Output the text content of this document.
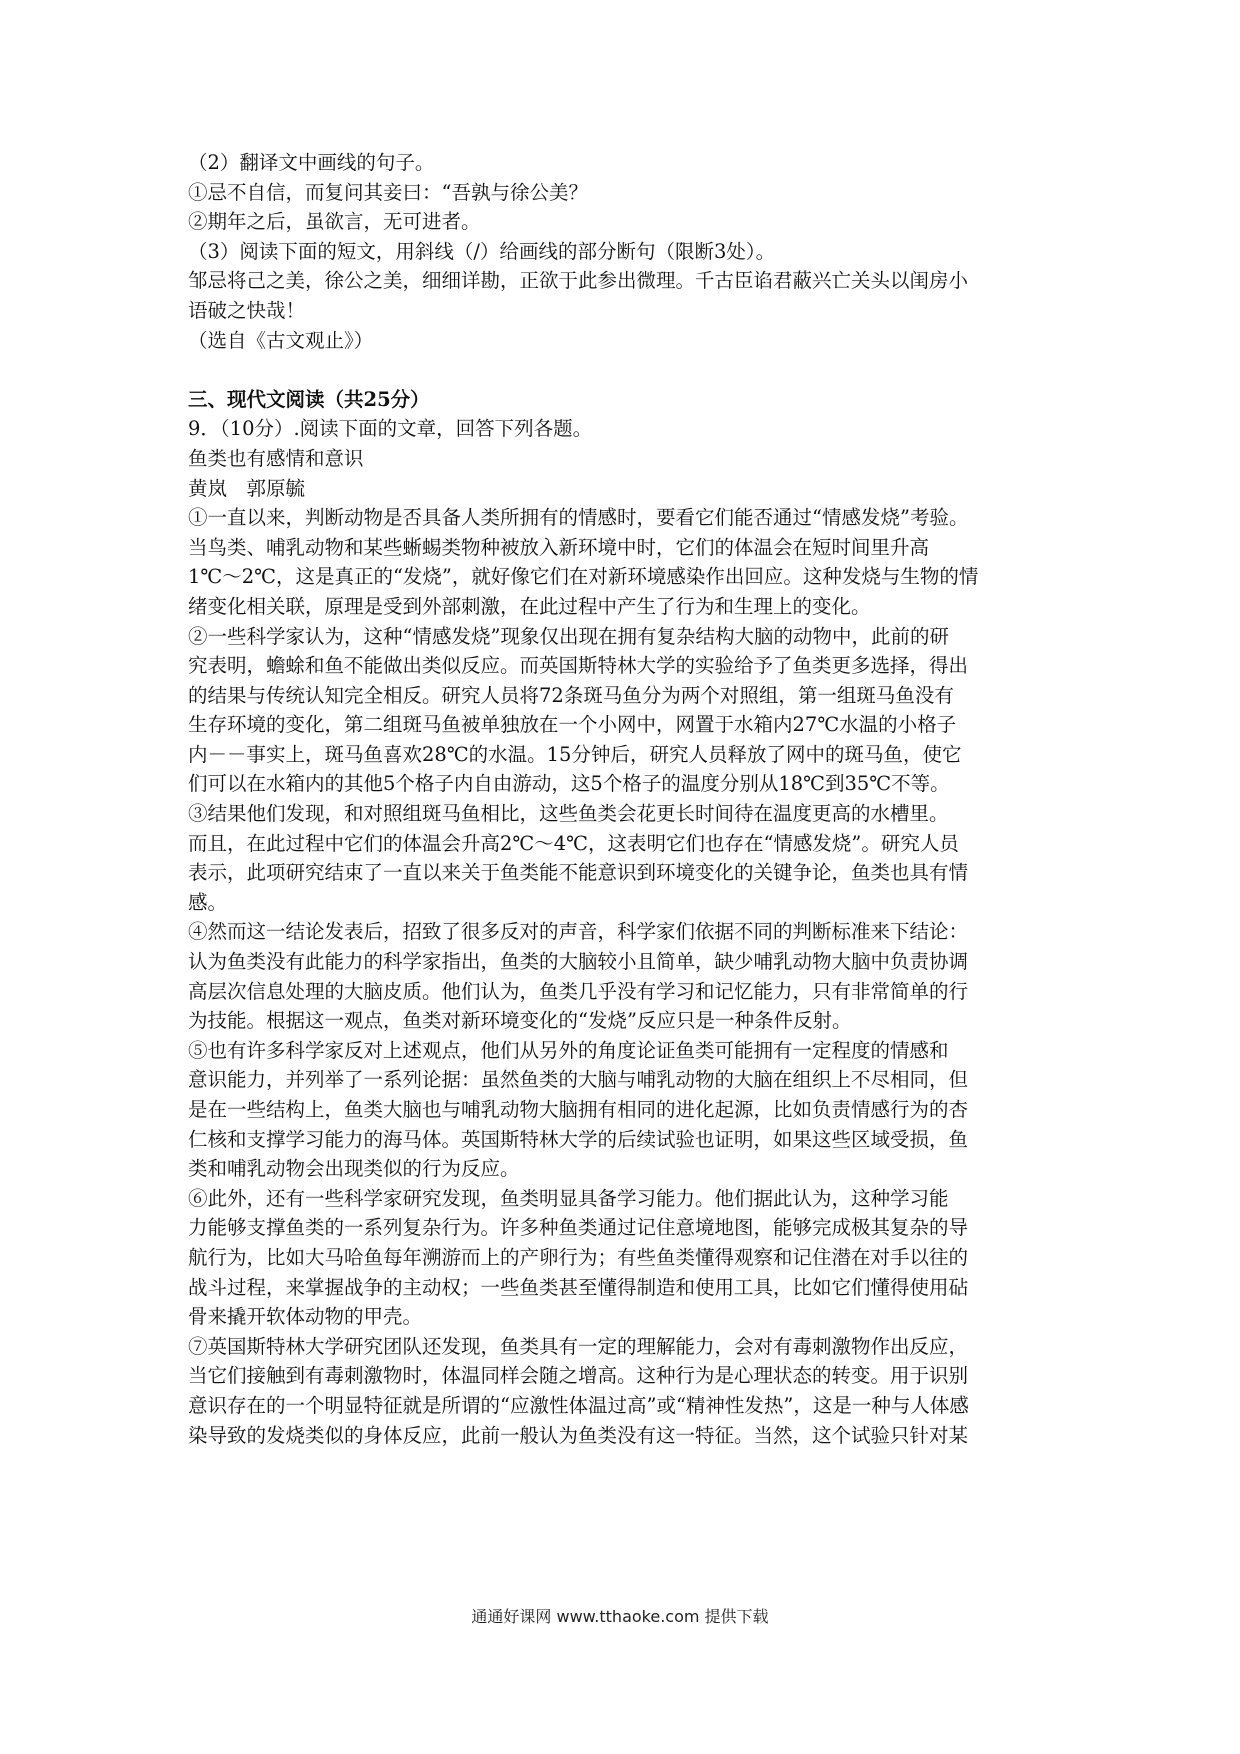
（2）翻译文中画线的句子。
①忌不自信，而复问其妾曰：“吾孰与徐公美？
②期年之后，虽欲言，无可进者。
（3）阅读下面的短文，用斜线（/）给画线的部分断句（限断3处）。
邹忌将己之美，徐公之美，细细详勘，正欲于此参出微理。千古臣谄君蔽兴亡关头以闺房小
语破之快哉！
（选自《古文观止》）
三、现代文阅读（共25分）
9．（10分）.阅读下面的文章，回答下列各题。
鱼类也有感情和意识
黄岚　郭原毓
①一直以来，判断动物是否具备人类所拥有的情感时，要看它们能否通过“情感发烧”考验。
当鸟类、哺乳动物和某些蜥蜴类物种被放入新环境中时，它们的体温会在短时间里升高
1℃～2℃，这是真正的“发烧”，就好像它们在对新环境感染作出回应。这种发烧与生物的情
绪变化相关联，原理是受到外部刺激，在此过程中产生了行为和生理上的变化。
②一些科学家认为，这种“情感发烧”现象仅出现在拥有复杂结构大脑的动物中，此前的研
究表明，蟾蜍和鱼不能做出类似反应。而英国斯特林大学的实验给予了鱼类更多选择，得出
的结果与传统认知完全相反。研究人员将72条斑马鱼分为两个对照组，第一组斑马鱼没有
生存环境的变化，第二组斑马鱼被单独放在一个小网中，网置于水箱内27℃水温的小格子
内－－事实上，斑马鱼喜欢28℃的水温。15分钟后，研究人员释放了网中的斑马鱼，使它
们可以在水箱内的其他5个格子内自由游动，这5个格子的温度分别从18℃到35℃不等。
③结果他们发现，和对照组斑马鱼相比，这些鱼类会花更长时间待在温度更高的水槽里。
而且，在此过程中它们的体温会升高2℃～4℃，这表明它们也存在“情感发烧”。研究人员
表示，此项研究结束了一直以来关于鱼类能不能意识到环境变化的关键争论，鱼类也具有情
感。
④然而这一结论发表后，招致了很多反对的声音，科学家们依据不同的判断标准来下结论：
认为鱼类没有此能力的科学家指出，鱼类的大脑较小且简单，缺少哺乳动物大脑中负责协调
高层次信息处理的大脑皮质。他们认为，鱼类几乎没有学习和记忆能力，只有非常简单的行
为技能。根据这一观点，鱼类对新环境变化的“发烧”反应只是一种条件反射。
⑤也有许多科学家反对上述观点，他们从另外的角度论证鱼类可能拥有一定程度的情感和
意识能力，并列举了一系列论据：虽然鱼类的大脑与哺乳动物的大脑在组织上不尽相同，但
是在一些结构上，鱼类大脑也与哺乳动物大脑拥有相同的进化起源，比如负责情感行为的杏
仁核和支撑学习能力的海马体。英国斯特林大学的后续试验也证明，如果这些区域受损，鱼
类和哺乳动物会出现类似的行为反应。
⑥此外，还有一些科学家研究发现，鱼类明显具备学习能力。他们据此认为，这种学习能
力能够支撑鱼类的一系列复杂行为。许多种鱼类通过记住意境地图，能够完成极其复杂的导
航行为，比如大马哈鱼每年溯游而上的产卵行为；有些鱼类懂得观察和记住潜在对手以往的
战斗过程，来掌握战争的主动权；一些鱼类甚至懂得制造和使用工具，比如它们懂得使用砧
骨来撬开软体动物的甲壳。
⑦英国斯特林大学研究团队还发现，鱼类具有一定的理解能力，会对有毒刺激物作出反应，
当它们接触到有毒刺激物时，体温同样会随之增高。这种行为是心理状态的转变。用于识别
意识存在的一个明显特征就是所谓的“应激性体温过高”或“精神性发热”，这是一种与人体感
染导致的发烧类似的身体反应，此前一般认为鱼类没有这一特征。当然，这个试验只针对某
通通好课网 www.tthaoke.com 提供下载
